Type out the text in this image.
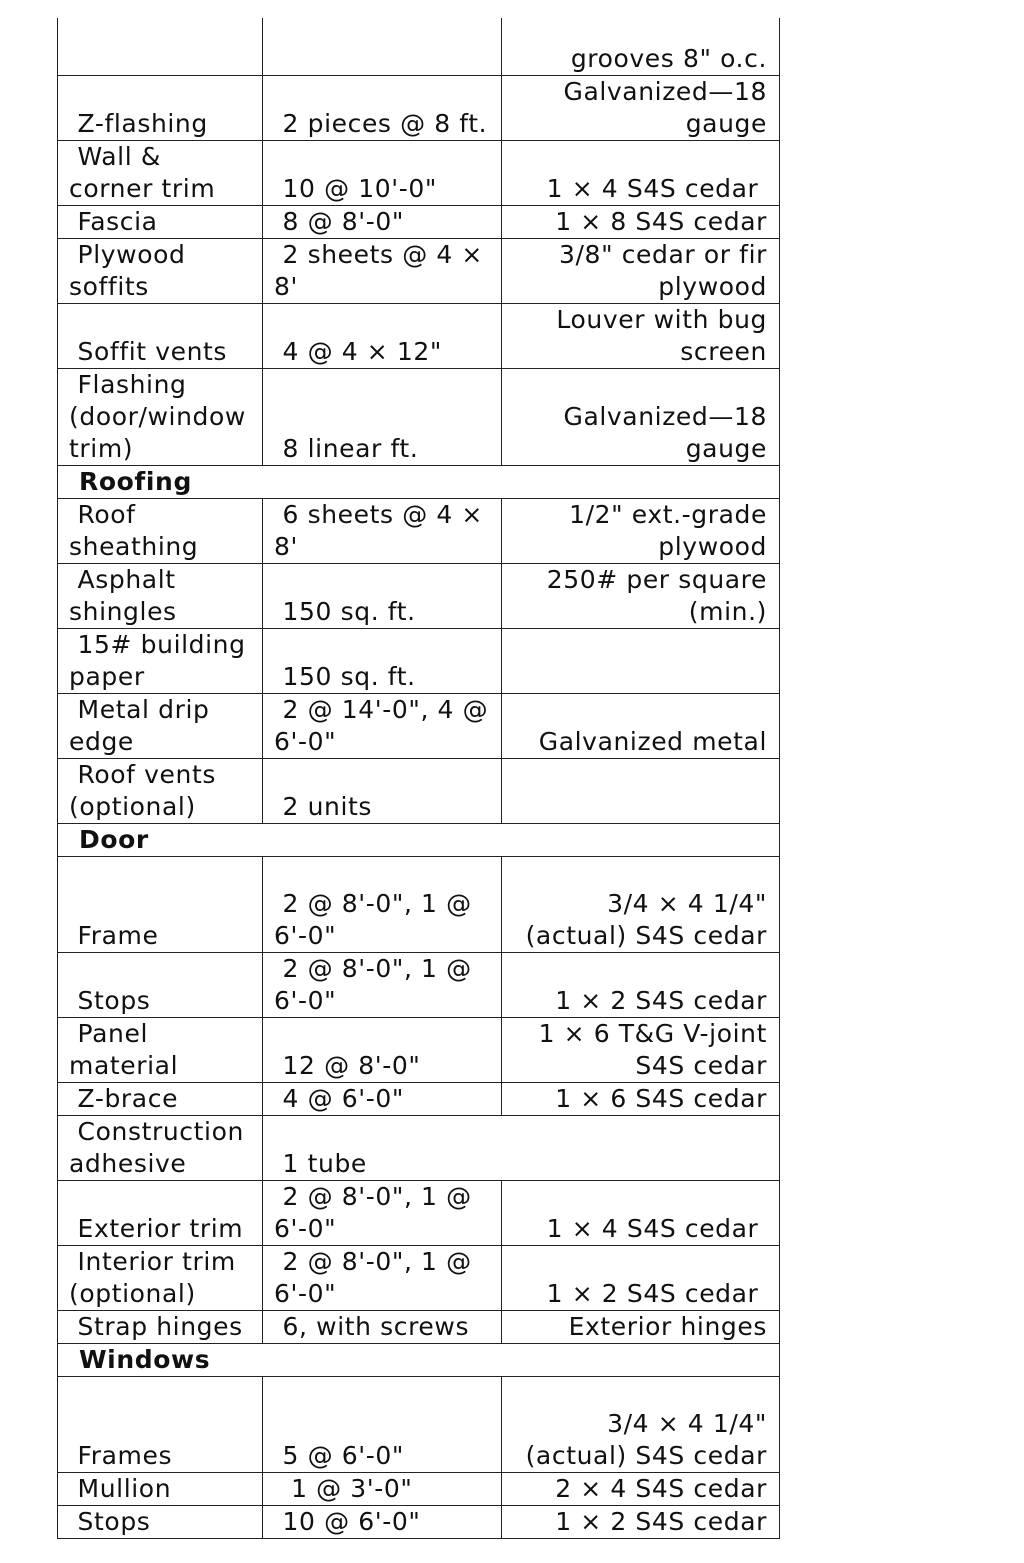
		grooves 8" o.c.
Z-flashing	2 pieces @ 8 ft.	Galvanized—18 gauge
Wall & corner trim	10 @ 10'-0"	1 × 4 S4S cedar
Fascia	8 @ 8'-0"	1 × 8 S4S cedar
Plywood soffits	2 sheets @ 4 × 8'	3/8" cedar or fir plywood
Soffit vents	4 @ 4 × 12"	Louver with bug screen
Flashing (door/window trim)	8 linear ft.	Galvanized—18 gauge
Roofing		
Roof sheathing	6 sheets @ 4 × 8'	1/2" ext.-grade plywood
Asphalt shingles	150 sq. ft.	250# per square (min.)
15# building paper	150 sq. ft.	
Metal drip edge	2 @ 14'-0", 4 @ 6'-0"	Galvanized metal
Roof vents (optional)	2 units	
Door		
Frame	2 @ 8'-0", 1 @ 6'-0"	3/4 × 4 1/4" (actual) S4S cedar
Stops	2 @ 8'-0", 1 @ 6'-0"	1 × 2 S4S cedar
Panel material	12 @ 8'-0"	1 × 6 T&G V-joint S4S cedar
Z-brace	4 @ 6'-0"	1 × 6 S4S cedar
Construction adhesive	1 tube	
Exterior trim	2 @ 8'-0", 1 @ 6'-0"	1 × 4 S4S cedar
Interior trim (optional)	2 @ 8'-0", 1 @ 6'-0"	1 × 2 S4S cedar
Strap hinges	6, with screws	Exterior hinges
Windows		
Frames	5 @ 6'-0"	3/4 × 4 1/4" (actual) S4S cedar
Mullion	1 @ 3'-0"	2 × 4 S4S cedar
Stops	10 @ 6'-0"	1 × 2 S4S cedar
